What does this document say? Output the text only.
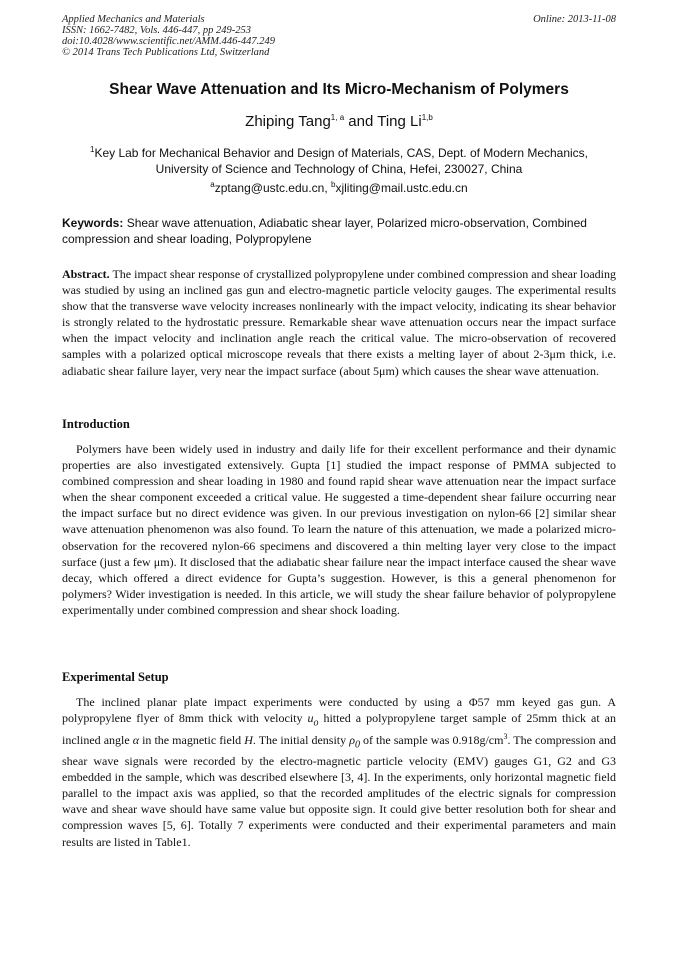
Applied Mechanics and Materials
ISSN: 1662-7482, Vols. 446-447, pp 249-253
doi:10.4028/www.scientific.net/AMM.446-447.249
© 2014 Trans Tech Publications Ltd, Switzerland
Online: 2013-11-08
Shear Wave Attenuation and Its Micro-Mechanism of Polymers
Zhiping Tang$^{1, a}$ and Ting Li$^{1,b}$
$^1$Key Lab for Mechanical Behavior and Design of Materials, CAS, Dept. of Modern Mechanics,
University of Science and Technology of China, Hefei, 230027, China
$^a$zptang@ustc.edu.cn, $^b$xjliting@mail.ustc.edu.cn
Keywords: Shear wave attenuation, Adiabatic shear layer, Polarized micro-observation, Combined compression and shear loading, Polypropylene
Abstract. The impact shear response of crystallized polypropylene under combined compression and shear loading was studied by using an inclined gas gun and electro-magnetic particle velocity gauges. The experimental results show that the transverse wave velocity increases nonlinearly with the impact velocity, indicating its shear behavior is strongly related to the hydrostatic pressure. Remarkable shear wave attenuation occurs near the impact surface when the impact velocity and inclination angle reach the critical value. The micro-observation of recovered samples with a polarized optical microscope reveals that there exists a melting layer of about 2-3μm thick, i.e. adiabatic shear failure layer, very near the impact surface (about 5μm) which causes the shear wave attenuation.
Introduction
Polymers have been widely used in industry and daily life for their excellent performance and their dynamic properties are also investigated extensively. Gupta [1] studied the impact response of PMMA subjected to combined compression and shear loading in 1980 and found rapid shear wave attenuation near the impact surface when the shear component exceeded a critical value. He suggested a time-dependent shear failure occurring near the impact surface but no direct evidence was given. In our previous investigation on nylon-66 [2] similar shear wave attenuation phenomenon was also found. To learn the nature of this attenuation, we made a polarized micro-observation for the recovered nylon-66 specimens and discovered a thin melting layer very close to the impact surface (just a few μm). It disclosed that the adiabatic shear failure near the impact interface caused the shear wave decay, which offered a direct evidence for Gupta’s suggestion. However, is this a general phenomenon for polymers? Wider investigation is needed. In this article, we will study the shear failure behavior of polypropylene experimentally under combined compression and shear shock loading.
Experimental Setup
The inclined planar plate impact experiments were conducted by using a Φ57 mm keyed gas gun. A polypropylene flyer of 8mm thick with velocity $u_o$ hitted a polypropylene target sample of 25mm thick at an inclined angle α in the magnetic field H. The initial density $\rho_0$ of the sample was $0.918g/cm^3$. The compression and shear wave signals were recorded by the electro-magnetic particle velocity (EMV) gauges G1, G2 and G3 embedded in the sample, which was described elsewhere [3, 4]. In the experiments, only horizontal magnetic field parallel to the impact axis was applied, so that the recorded amplitudes of the electric signals for compression wave and shear wave should have same value but opposite sign. It could give better resolution both for shear and compression waves [5, 6]. Totally 7 experiments were conducted and their experimental parameters and main results are listed in Table1.
